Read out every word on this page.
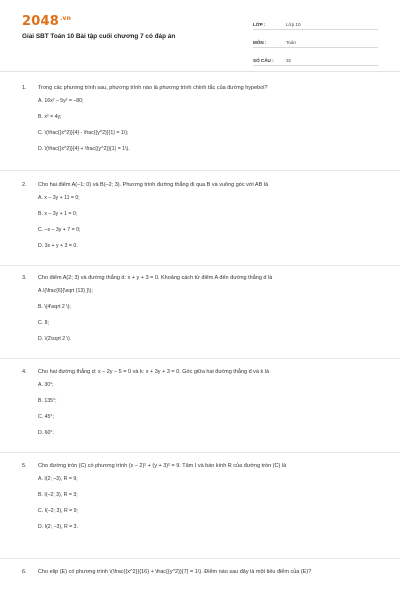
$2048^{.vn}$
Giải SBT Toán 10 Bài tập cuối chương 7 có đáp án
LỚP :	Lớp 10
MÔN :	Toán
SỐ CÂU :	32
1.	Trong các phương trình sau, phương trình nào là phương trình chính tắc của đường hypebol?
A. 16x² – 5y² = –80;
B. x² = 4y;
C. \(\frac{{x^2}}{4} - \frac{{y^2}}{1} = 1\);
D. \(\frac{{x^2}}{4} + \frac{{y^2}}{1} = 1\).
2.	Cho hai điểm A(–1; 0) và B(–2; 3). Phương trình đường thẳng đi qua B và vuông góc với AB là
A. x – 3y + 11 = 0;
B. x – 3y + 1 = 0;
C. –x – 3y + 7 = 0;
D. 3x + y + 3 = 0.
3.	Cho điểm A(2; 3) và đường thẳng d: x + y + 3 = 0. Khoảng cách từ điểm A đến đường thẳng d là
A.\(\frac{6}{\sqrt {13} }\);
B. \(4\sqrt 2 \);
C. 8;
D. \(2\sqrt 2 \).
4.	Cho hai đường thẳng d: x – 2y – 5 = 0 và k: x + 3y + 3 = 0. Góc giữa hai đường thẳng d và k là
A. 30°;
B. 135°;
C. 45°;
D. 60°.
5.	Cho đường tròn (C) có phương trình (x – 2)² + (y + 3)² = 9. Tâm I và bán kính R của đường tròn (C) là
A. I(2; –3), R = 9;
B. I(–2; 3), R = 3;
C. I(–2; 3), R = 9;
D. I(2; –3), R = 3.
6.	Cho elip (E) có phương trình \(\frac{{x^2}}{16} + \frac{{y^2}}{7} = 1\). Điểm nào sau đây là một tiêu điểm của (E)?
